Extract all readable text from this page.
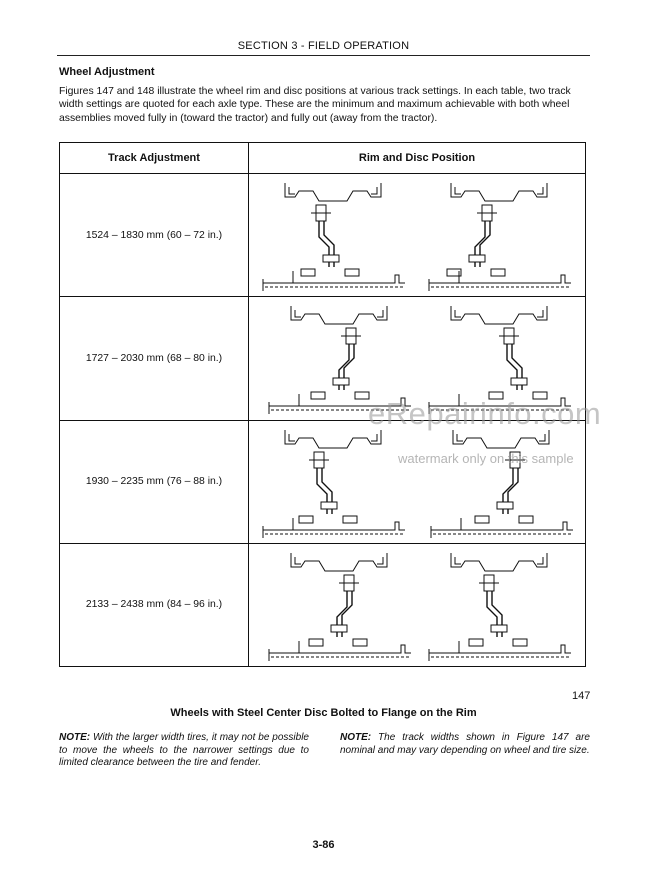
SECTION 3 - FIELD OPERATION
Wheel Adjustment
Figures 147 and 148 illustrate the wheel rim and disc positions at various track settings. In each table, two track width settings are quoted for each axle type. These are the minimum and maximum achievable with both wheel assemblies moved fully in (toward the tractor) and fully out (away from the tractor).
Track Adjustment	Rim and Disc Position
1524 – 1830 mm (60 – 72 in.)	

1727 – 2030 mm (68 – 80 in.)	

1930 – 2235 mm (76 – 88 in.)	

2133 – 2438 mm (84 – 96 in.)	
eRepairinfo.com
watermark only on this sample
147
Wheels with Steel Center Disc Bolted to Flange on the Rim
NOTE: With the larger width tires, it may not be possible to move the wheels to the narrower settings due to limited clearance between the tire and fender.
NOTE: The track widths shown in Figure 147 are nominal and may vary depending on wheel and tire size.
3-86
